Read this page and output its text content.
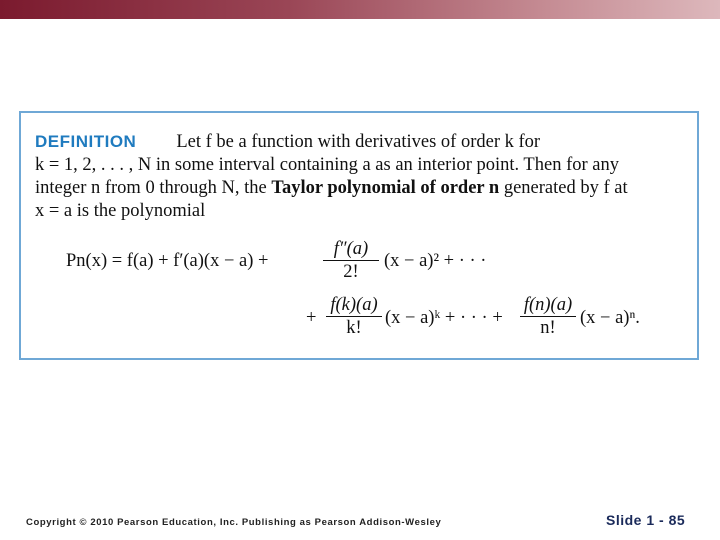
DEFINITION Let f be a function with derivatives of order k for
k = 1, 2, . . . , N in some interval containing a as an interior point. Then for any
integer n from 0 through N, the Taylor polynomial of order n generated by f at
x = a is the polynomial
Pn(x) = f(a) + f′(a)(x − a) +	$\frac{f''(a)}{2!} (x - a)^2$ + · · ·
+ $\frac{f(k)(a)}{k!} (x$ − a)ᵏ + · · · + $\frac{f(n)(a)}{n!} (x - a)^n$.
Copyright © 2010 Pearson Education, Inc. Publishing as Pearson Addison-Wesley	Slide 1 - 85
